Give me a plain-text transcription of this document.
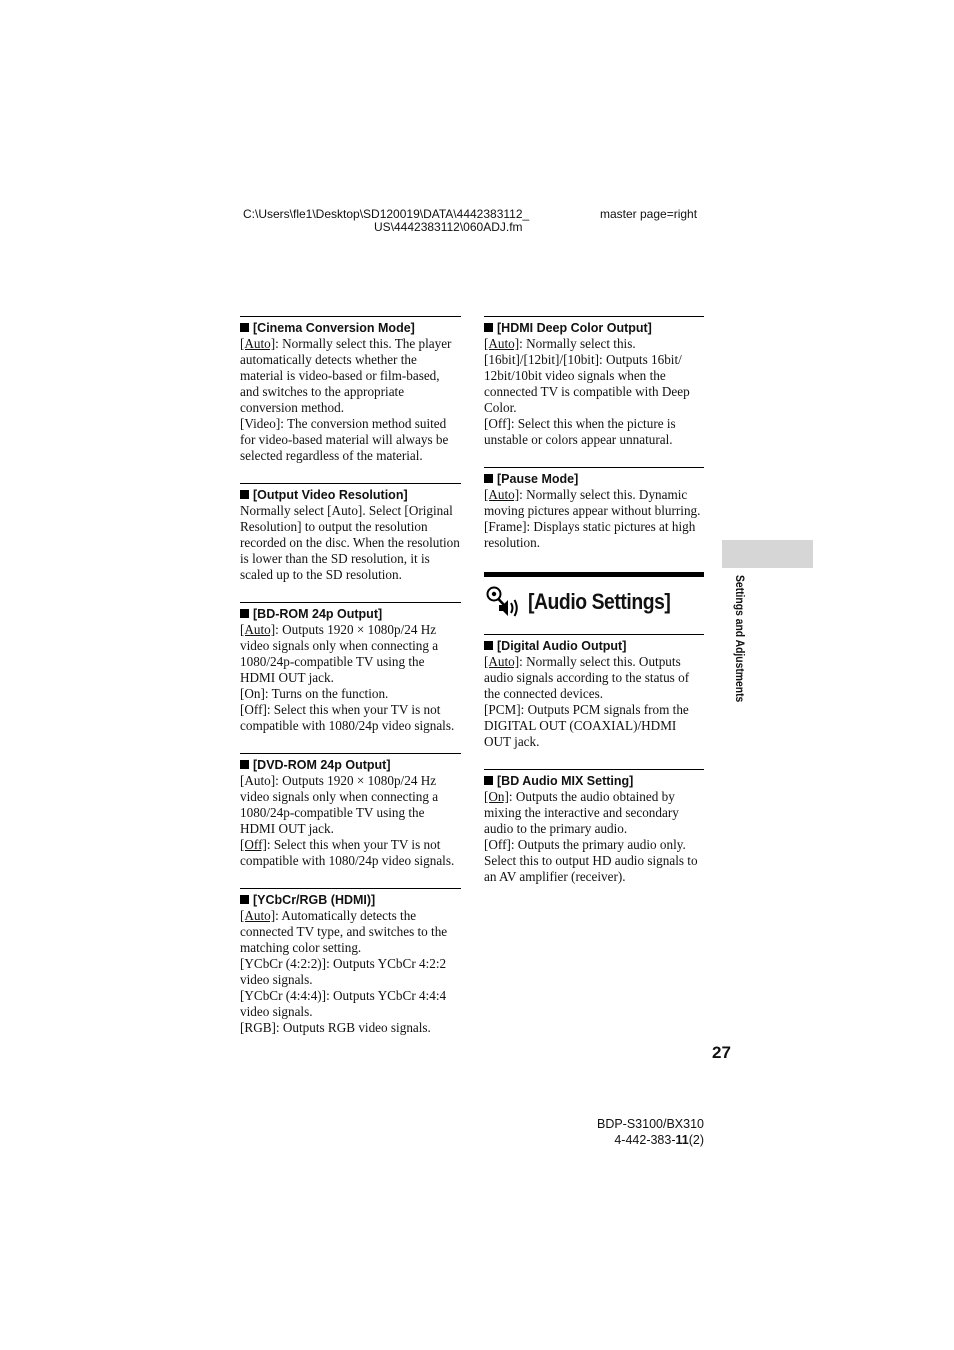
C:\Users\fle1\Desktop\SD120019\DATA\4442383112_
US\4442383112\060ADJ.fm
master page=right
[Cinema Conversion Mode]
[Auto]: Normally select this. The player automatically detects whether the material is video-based or film-based, and switches to the appropriate conversion method.
[Video]: The conversion method suited for video-based material will always be selected regardless of the material.
[Output Video Resolution]
Normally select [Auto]. Select [Original Resolution] to output the resolution recorded on the disc. When the resolution is lower than the SD resolution, it is scaled up to the SD resolution.
[BD-ROM 24p Output]
[Auto]: Outputs 1920 × 1080p/24 Hz video signals only when connecting a 1080/24p-compatible TV using the HDMI OUT jack.
[On]: Turns on the function.
[Off]: Select this when your TV is not compatible with 1080/24p video signals.
[DVD-ROM 24p Output]
[Auto]: Outputs 1920 × 1080p/24 Hz video signals only when connecting a 1080/24p-compatible TV using the HDMI OUT jack.
[Off]: Select this when your TV is not compatible with 1080/24p video signals.
[YCbCr/RGB (HDMI)]
[Auto]: Automatically detects the connected TV type, and switches to the matching color setting.
[YCbCr (4:2:2)]: Outputs YCbCr 4:2:2 video signals.
[YCbCr (4:4:4)]: Outputs YCbCr 4:4:4 video signals.
[RGB]: Outputs RGB video signals.
[HDMI Deep Color Output]
[Auto]: Normally select this.
[16bit]/[12bit]/[10bit]: Outputs 16bit/ 12bit/10bit video signals when the connected TV is compatible with Deep Color.
[Off]: Select this when the picture is unstable or colors appear unnatural.
[Pause Mode]
[Auto]: Normally select this. Dynamic moving pictures appear without blurring.
[Frame]: Displays static pictures at high resolution.
[Audio Settings]
[Digital Audio Output]
[Auto]: Normally select this. Outputs audio signals according to the status of the connected devices.
[PCM]: Outputs PCM signals from the DIGITAL OUT (COAXIAL)/HDMI OUT jack.
[BD Audio MIX Setting]
[On]: Outputs the audio obtained by mixing the interactive and secondary audio to the primary audio.
[Off]: Outputs the primary audio only. Select this to output HD audio signals to an AV amplifier (receiver).
Settings and Adjustments
27
BDP-S3100/BX310
4-442-383-11(2)
